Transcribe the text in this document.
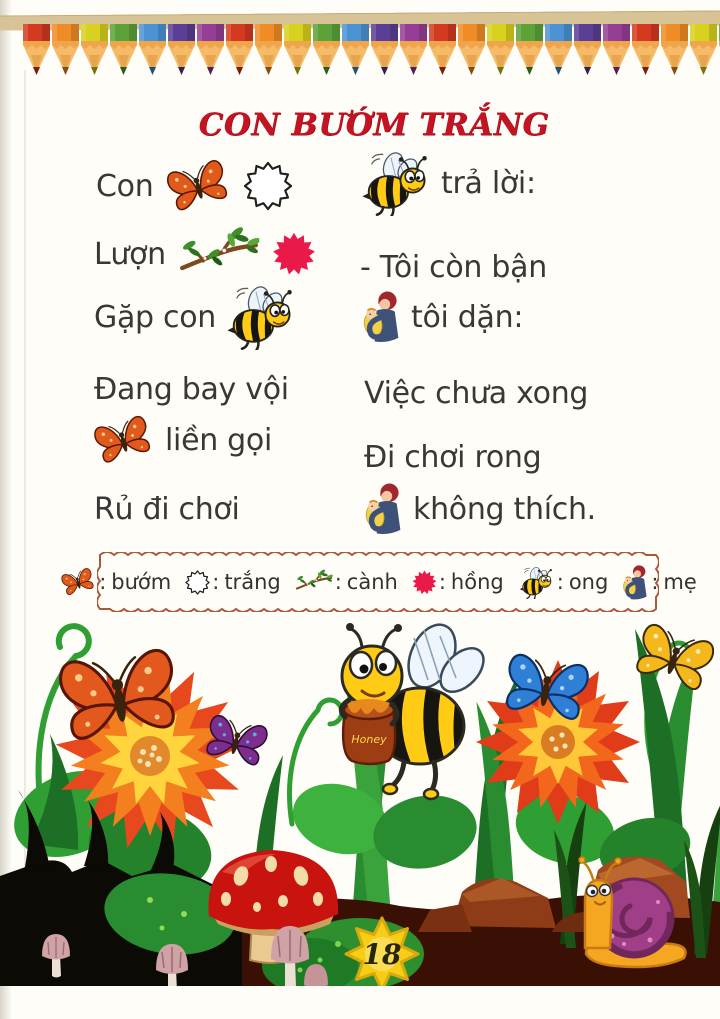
CON BƯỚM TRẮNG
Con
Lượn
Gặp con
Đang bay vội
liền gọi
Rủ đi chơi
trả lời:
- Tôi còn bận
tôi dặn:
Việc chưa xong
Đi chơi rong
không thích.
: bướm : trắng	: cành : hồng	: ong : mẹ
Honey
18
